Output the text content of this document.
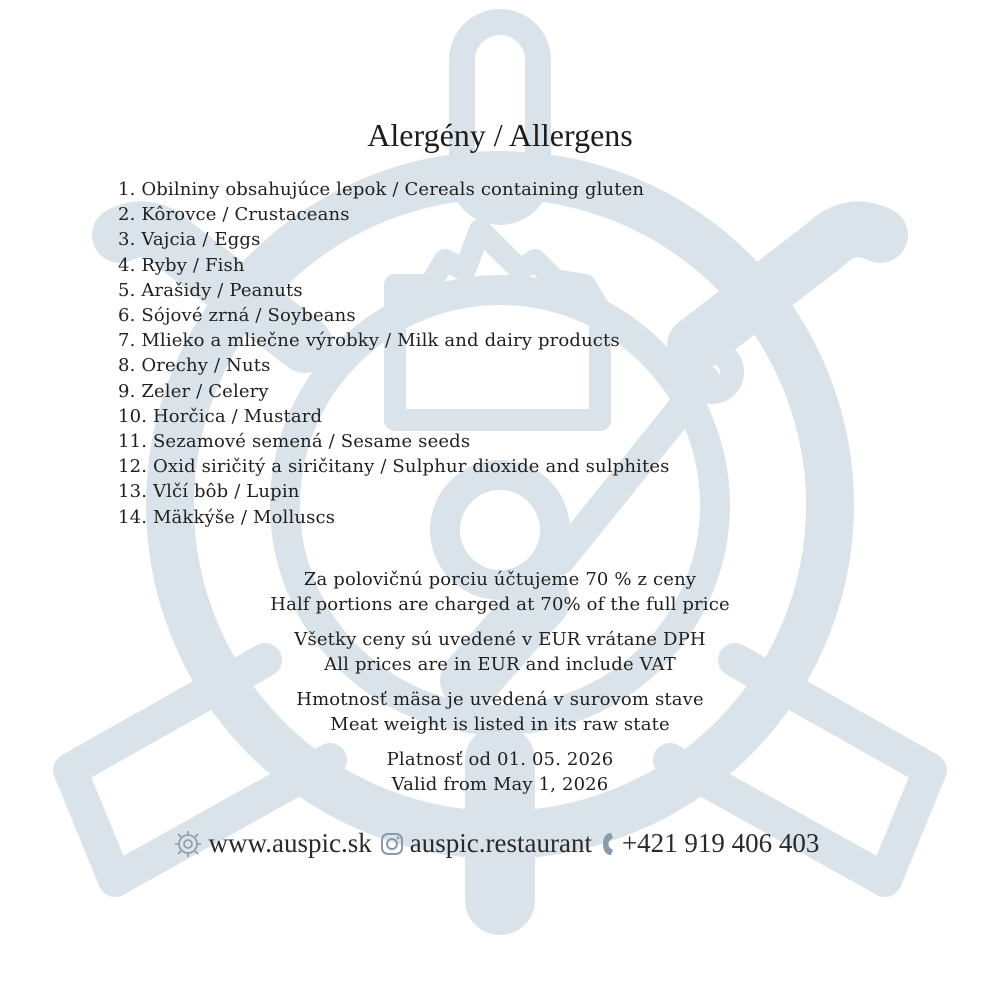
Alergény / Allergens
1. Obilniny obsahujúce lepok / Cereals containing gluten
2. Kôrovce / Crustaceans
3. Vajcia / Eggs
4. Ryby / Fish
5. Arašidy / Peanuts
6. Sójové zrná / Soybeans
7. Mlieko a mliečne výrobky / Milk and dairy products
8. Orechy / Nuts
9. Zeler / Celery
10. Horčica / Mustard
11. Sezamové semená / Sesame seeds
12. Oxid siričitý a siričitany / Sulphur dioxide and sulphites
13. Vlčí bôb / Lupin
14. Mäkkýše / Molluscs
Za polovičnú porciu účtujeme 70 % z ceny
Half portions are charged at 70% of the full price
Všetky ceny sú uvedené v EUR vrátane DPH
All prices are in EUR and include VAT
Hmotnosť mäsa je uvedená v surovom stave
Meat weight is listed in its raw state
Platnosť od 01. 05. 2026
Valid from May 1, 2026
www.auspic.sk auspic.restaurant +421 919 406 403
